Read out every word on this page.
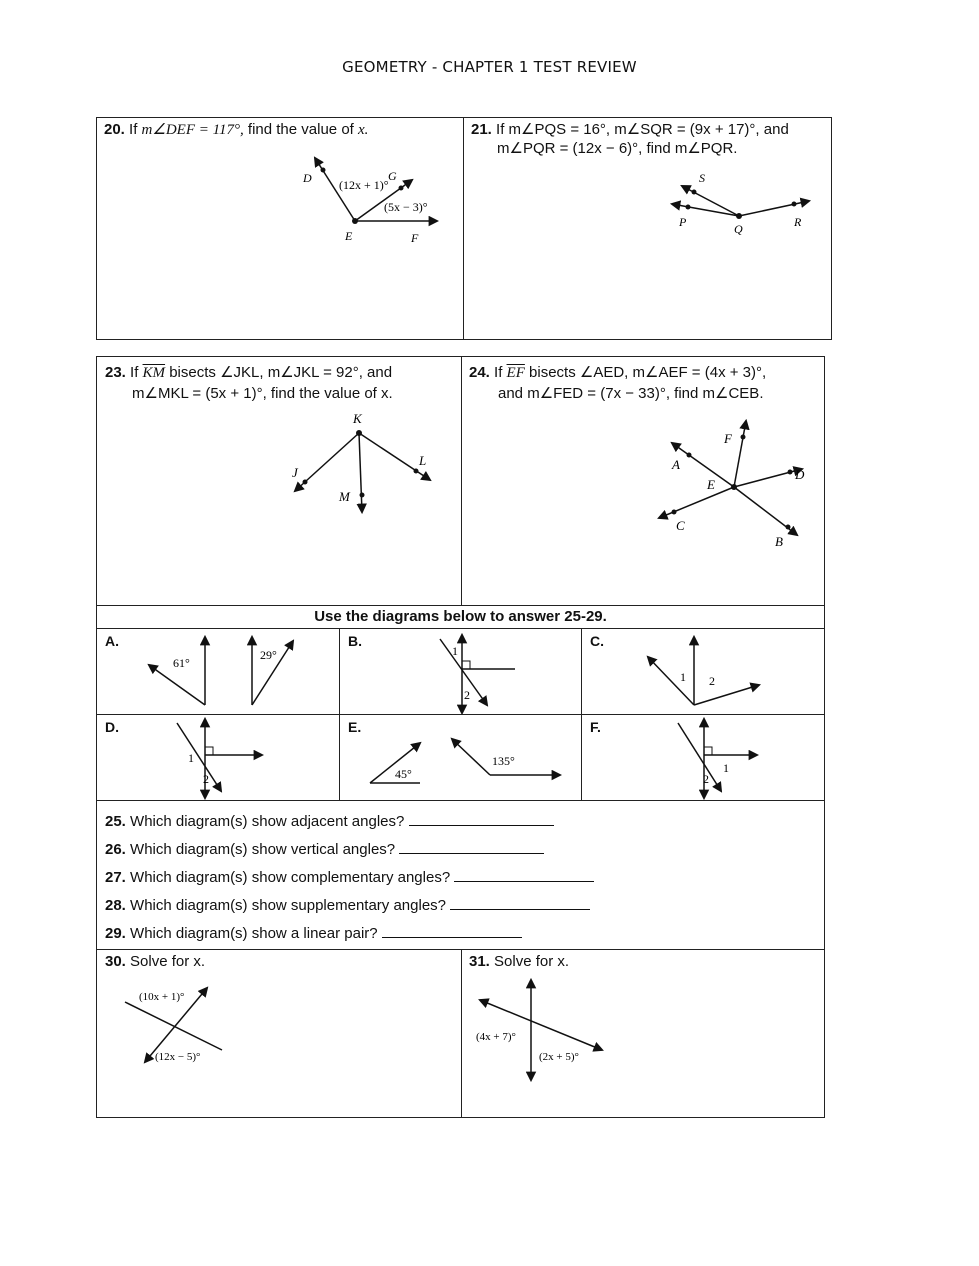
GEOMETRY - CHAPTER 1 TEST REVIEW
20. If m∠DEF = 117°, find the value of x.
D (12x + 1)°
G
(5x − 3)°
E	F
21. If m∠PQS = 16°, m∠SQR = (9x + 17)°, and
m∠PQR = (12x − 6)°, find m∠PQR.
S
P	Q	R
23. If $\overline{KM}$ bisects ∠JKL, m∠JKL = 92°, and
m∠MKL = (5x + 1)°, find the value of x.
K
J
L
M
24. If $\overline{EF}$ bisects ∠AED, m∠AEF = (4x + 3)°,
and m∠FED = (7x − 33)°, find m∠CEB.
A
F
E
D
C
B
Use the diagrams below to answer 25-29.
A.
61°
29°
B.
1
2
C.
1 2
D.
1
2
E.
45°
135°
F.
1
2
25. Which diagram(s) show adjacent angles?
26. Which diagram(s) show vertical angles?
27. Which diagram(s) show complementary angles?
28. Which diagram(s) show supplementary angles?
29. Which diagram(s) show a linear pair?
30. Solve for x.
(10x + 1)°
(12x − 5)°
31. Solve for x.
(4x + 7)°
(2x + 5)°
